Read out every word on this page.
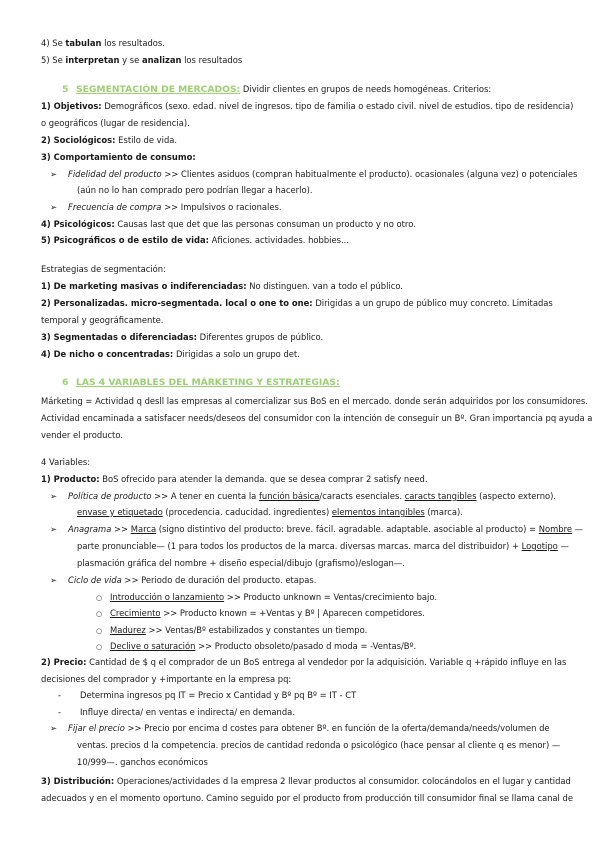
4) Se tabulan los resultados.
5) Se interpretan y se analizan los resultados
5 SEGMENTACIÓN DE MERCADOS: Dividir clientes en grupos de needs homogéneas. Criterios:
1) Objetivos: Demográficos (sexo. edad. nivel de ingresos. tipo de familia o estado civil. nivel de estudios. tipo de residencia)
o geográficos (lugar de residencia).
2) Sociológicos: Estilo de vida.
3) Comportamiento de consumo:
➢ Fidelidad del producto >> Clientes asiduos (compran habitualmente el producto). ocasionales (alguna vez) o potenciales
(aún no lo han comprado pero podrían llegar a hacerlo).
➢ Frecuencia de compra >> Impulsivos o racionales.
4) Psicológicos: Causas last que det que las personas consuman un producto y no otro.
5) Psicográficos o de estilo de vida: Aficiones. actividades. hobbies...
Estrategias de segmentación:
1) De marketing masivas o indiferenciadas: No distinguen. van a todo el público.
2) Personalizadas. micro-segmentada. local o one to one: Dirigidas a un grupo de público muy concreto. Limitadas
temporal y geográficamente.
3) Segmentadas o diferenciadas: Diferentes grupos de público.
4) De nicho o concentradas: Dirigidas a solo un grupo det.
6 LAS 4 VARIABLES DEL MÁRKETING Y ESTRATEGIAS:
Márketing = Actividad q desll las empresas al comercializar sus BoS en el mercado. donde serán adquiridos por los consumidores.
Actividad encaminada a satisfacer needs/deseos del consumidor con la intención de conseguir un Bº. Gran importancia pq ayuda a
vender el producto.
4 Variables:
1) Producto: BoS ofrecido para atender la demanda. que se desea comprar 2 satisfy need.
➢ Política de producto >> A tener en cuenta la función básica/caracts esenciales. caracts tangibles (aspecto externo).
envase y etiquetado (procedencia. caducidad. ingredientes) elementos intangibles (marca).
➢ Anagrama >> Marca (signo distintivo del producto: breve. fácil. agradable. adaptable. asociable al producto) = Nombre —
parte pronunciable— (1 para todos los productos de la marca. diversas marcas. marca del distribuidor) + Logotipo —
plasmación gráfica del nombre + diseño especial/dibujo (grafismo)/eslogan—.
➢ Ciclo de vida >> Periodo de duración del producto. etapas.
○ Introducción o lanzamiento >> Producto unknown = Ventas/crecimiento bajo.
○ Crecimiento >> Producto known = +Ventas y Bº | Aparecen competidores.
○ Madurez >> Ventas/Bº estabilizados y constantes un tiempo.
○ Declive o saturación >> Producto obsoleto/pasado d moda = -Ventas/Bº.
2) Precio: Cantidad de $ q el comprador de un BoS entrega al vendedor por la adquisición. Variable q +rápido influye en las
decisiones del comprador y +importante en la empresa pq:
- Determina ingresos pq IT = Precio x Cantidad y Bº pq Bº = IT - CT
- Influye directa/ en ventas e indirecta/ en demanda.
➢ Fijar el precio >> Precio por encima d costes para obtener Bº. en función de la oferta/demanda/needs/volumen de
ventas. precios d la competencia. precios de cantidad redonda o psicológico (hace pensar al cliente q es menor) —
10/999—. ganchos económicos
3) Distribución: Operaciones/actividades d la empresa 2 llevar productos al consumidor. colocándolos en el lugar y cantidad
adecuados y en el momento oportuno. Camino seguido por el producto from producción till consumidor final se llama canal de
